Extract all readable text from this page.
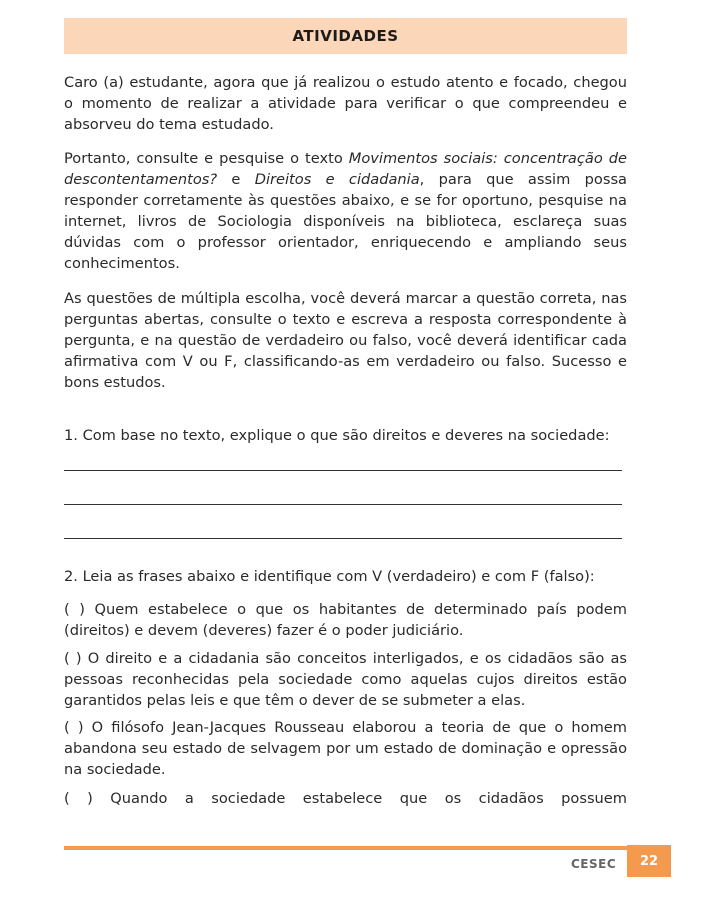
ATIVIDADES

Caro (a) estudante, agora que já realizou o estudo atento e focado, chegou o momento de realizar a atividade para verificar o que compreendeu e absorveu do tema estudado.

Portanto, consulte e pesquise o texto Movimentos sociais: concentração de descontentamentos? e Direitos e cidadania, para que assim possa responder corretamente às questões abaixo, e se for oportuno, pesquise na internet, livros de Sociologia disponíveis na biblioteca, esclareça suas dúvidas com o professor orientador, enriquecendo e ampliando seus conhecimentos.

As questões de múltipla escolha, você deverá marcar a questão correta, nas perguntas abertas, consulte o texto e escreva a resposta correspondente à pergunta, e na questão de verdadeiro ou falso, você deverá identificar cada afirmativa com V ou F, classificando-as em verdadeiro ou falso. Sucesso e bons estudos.

1. Com base no texto, explique o que são direitos e deveres na sociedade:

2. Leia as frases abaixo e identifique com V (verdadeiro) e com F (falso):

( ) Quem estabelece o que os habitantes de determinado país podem (direitos) e devem (deveres) fazer é o poder judiciário.

( ) O direito e a cidadania são conceitos interligados, e os cidadãos são as pessoas reconhecidas pela sociedade como aquelas cujos direitos estão garantidos pelas leis e que têm o dever de se submeter a elas.

( ) O filósofo Jean-Jacques Rousseau elaborou a teoria de que o homem abandona seu estado de selvagem por um estado de dominação e opressão na sociedade.

( ) Quando a sociedade estabelece que os cidadãos possuem

CESEC 22
